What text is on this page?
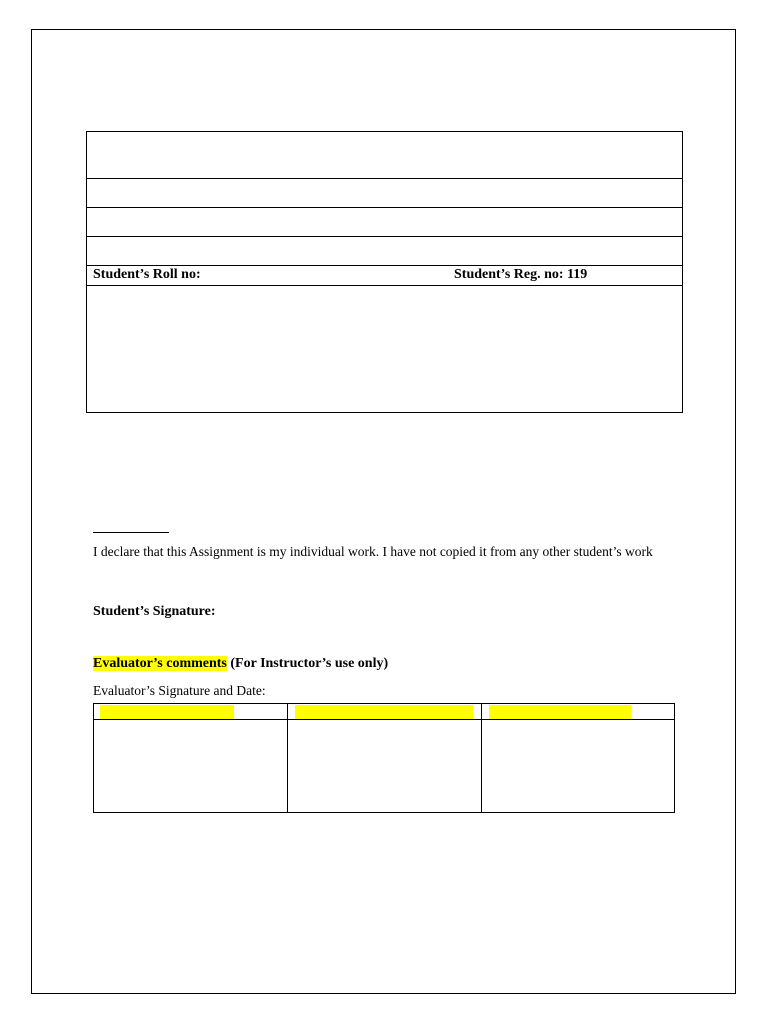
Student’s Roll no:	Student’s Reg. no: 119
I declare that this Assignment is my individual work. I have not copied it from any other student’s work
Student’s Signature:
Evaluator’s comments (For Instructor’s use only)
Evaluator’s Signature and Date:
